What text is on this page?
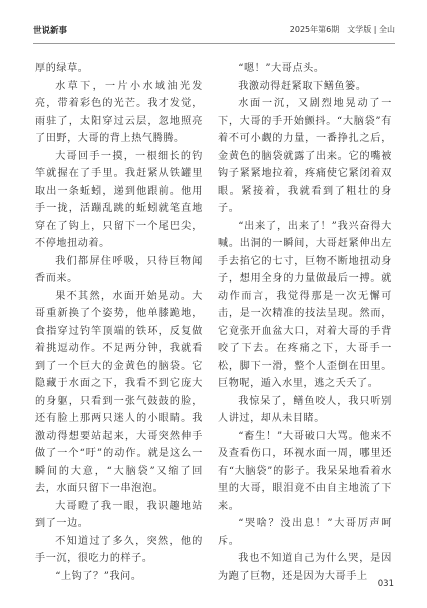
世说新事	2025年第6期　文学版 | 全山

厚的绿草。

水草下，一片小水域油光发亮，带着彩色的光芒。我才发觉，雨驻了，太阳穿过云层，忽地照亮了田野，大哥的背上热气腾腾。

大哥回手一摸，一根细长的钓竿就握在了手里。我赶紧从铁罐里取出一条蚯蚓，递到他跟前。他用手一拢，活蹦乱跳的蚯蚓就笔直地穿在了钩上，只留下一个尾巴尖，不停地扭动着。

我们都屏住呼吸，只待巨物闻香而来。

果不其然，水面开始晃动。大哥重新换了个姿势，他单膝跪地，食指穿过钓竿顶端的铁环，反复做着挑逗动作。不足两分钟，我就看到了一个巨大的金黄色的脑袋。它隐藏于水面之下，我看不到它庞大的身躯，只看到一张气鼓鼓的脸，还有脸上那两只迷人的小眼睛。我激动得想要站起来，大哥突然伸手做了一个“吁”的动作。就是这么一瞬间的大意，“大脑袋”又缩了回去，水面只留下一串泡泡。

大哥瞪了我一眼，我识趣地站到了一边。

不知道过了多久，突然，他的手一沉，很吃力的样子。

“上钩了？”我问。

“嗯！”大哥点头。

我激动得赶紧取下鳝鱼篓。

水面一沉，又剧烈地晃动了一下，大哥的手开始颤抖。“大脑袋”有着不可小觑的力量，一番挣扎之后，金黄色的脑袋就露了出来。它的嘴被钩子紧紧地拉着，疼痛使它紧闭着双眼。紧接着，我就看到了粗壮的身子。

“出来了，出来了！”我兴奋得大喊。出洞的一瞬间，大哥赶紧伸出左手去掐它的七寸，巨物不断地扭动身子，想用全身的力量做最后一搏。就动作而言，我觉得那是一次无懈可击，是一次精准的技法呈现。然而，它竟张开血盆大口，对着大哥的手背咬了下去。在疼痛之下，大哥手一松，脚下一滑，整个人歪倒在田里。巨物呢，遁入水里，逃之夭夭了。

我惊呆了，鳝鱼咬人，我只听别人讲过，却从未目睹。

“畜生！”大哥破口大骂。他来不及查看伤口，环视水面一周，哪里还有“大脑袋”的影子。我呆呆地看着水里的大哥，眼泪竟不由自主地流了下来。

“哭啥？没出息！”大哥厉声呵斥。

我也不知道自己为什么哭，是因为跑了巨物，还是因为大哥手上

031
